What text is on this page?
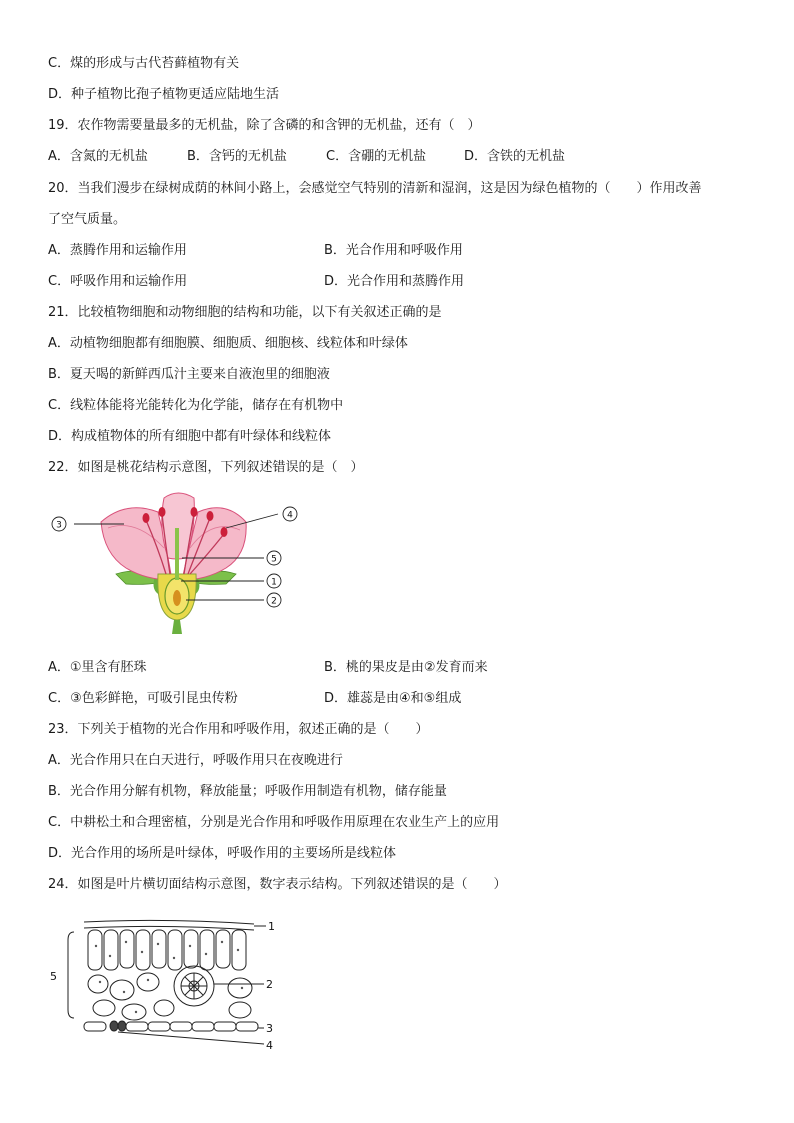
C．煤的形成与古代苔藓植物有关
D．种子植物比孢子植物更适应陆地生活
19．农作物需要量最多的无机盐，除了含磷的和含钾的无机盐，还有（　）
A．含氮的无机盐	B．含钙的无机盐	C．含硼的无机盐	D．含铁的无机盐
20．当我们漫步在绿树成荫的林间小路上，会感觉空气特别的清新和湿润，这是因为绿色植物的（　　）作用改善
了空气质量。
A．蒸腾作用和运输作用	B．光合作用和呼吸作用
C．呼吸作用和运输作用	D．光合作用和蒸腾作用
21．比较植物细胞和动物细胞的结构和功能，以下有关叙述正确的是
A．动植物细胞都有细胞膜、细胞质、细胞核、线粒体和叶绿体
B．夏天喝的新鲜西瓜汁主要来自液泡里的细胞液
C．线粒体能将光能转化为化学能，储存在有机物中
D．构成植物体的所有细胞中都有叶绿体和线粒体
22．如图是桃花结构示意图，下列叙述错误的是（　）
3
4
5
1
2
A．①里含有胚珠	B．桃的果皮是由②发育而来
C．③色彩鲜艳，可吸引昆虫传粉	D．雄蕊是由④和⑤组成
23．下列关于植物的光合作用和呼吸作用，叙述正确的是（　　）
A．光合作用只在白天进行，呼吸作用只在夜晚进行
B．光合作用分解有机物，释放能量；呼吸作用制造有机物，储存能量
C．中耕松土和合理密植，分别是光合作用和呼吸作用原理在农业生产上的应用
D．光合作用的场所是叶绿体，呼吸作用的主要场所是线粒体
24．如图是叶片横切面结构示意图，数字表示结构。下列叙述错误的是（　　）
1
2
3
4
5
